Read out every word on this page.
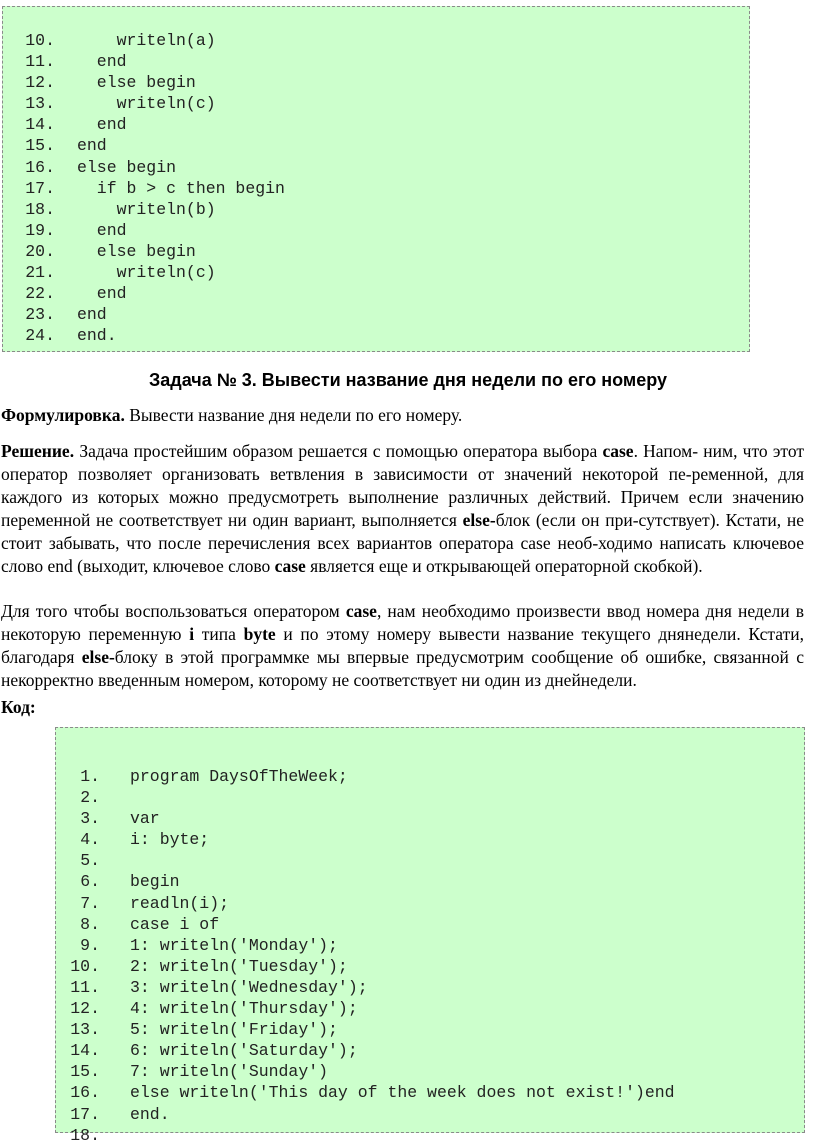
10.	writeln(a)
11.	end
12.	else begin
13.	writeln(c)
14.	end
15.	end
16.	else begin
17.	if b > c then begin
18.	writeln(b)
19.	end
20.	else begin
21.	writeln(c)
22.	end
23.	end
24.	end.
Задача № 3. Вывести название дня недели по его номеру
Формулировка. Вывести название дня недели по его номеру.
Решение. Задача простейшим образом решается с помощью оператора выбора case. Напом- ним, что этот оператор позволяет организовать ветвления в зависимости от значений некоторой пе-ременной, для каждого из которых можно предусмотреть выполнение различных действий. Причем если значению переменной не соответствует ни один вариант, выполняется else-блок (если он при-сутствует). Кстати, не стоит забывать, что после перечисления всех вариантов оператора case необ-ходимо написать ключевое слово end (выходит, ключевое слово case является еще и открывающей операторной скобкой).
Для того чтобы воспользоваться оператором case, нам необходимо произвести ввод номера дня недели в некоторую переменную i типа byte и по этому номеру вывести название текущего днянедели. Кстати, благодаря else-блоку в этой программке мы впервые предусмотрим сообщение об ошибке, связанной с некорректно введенным номером, которому не соответствует ни один из днейнедели.
Код:
1.	program DaysOfTheWeek;
2.
3.	var
4.	i: byte;
5.
6.	begin
7.	readln(i);
8.	case i of
9.	1: writeln('Monday');
10.	2: writeln('Tuesday');
11.	3: writeln('Wednesday');
12.	4: writeln('Thursday');
13.	5: writeln('Friday');
14.	6: writeln('Saturday');
15.	7: writeln('Sunday')
16.	else writeln('This day of the week does not exist!')end
17.	end.
18.
